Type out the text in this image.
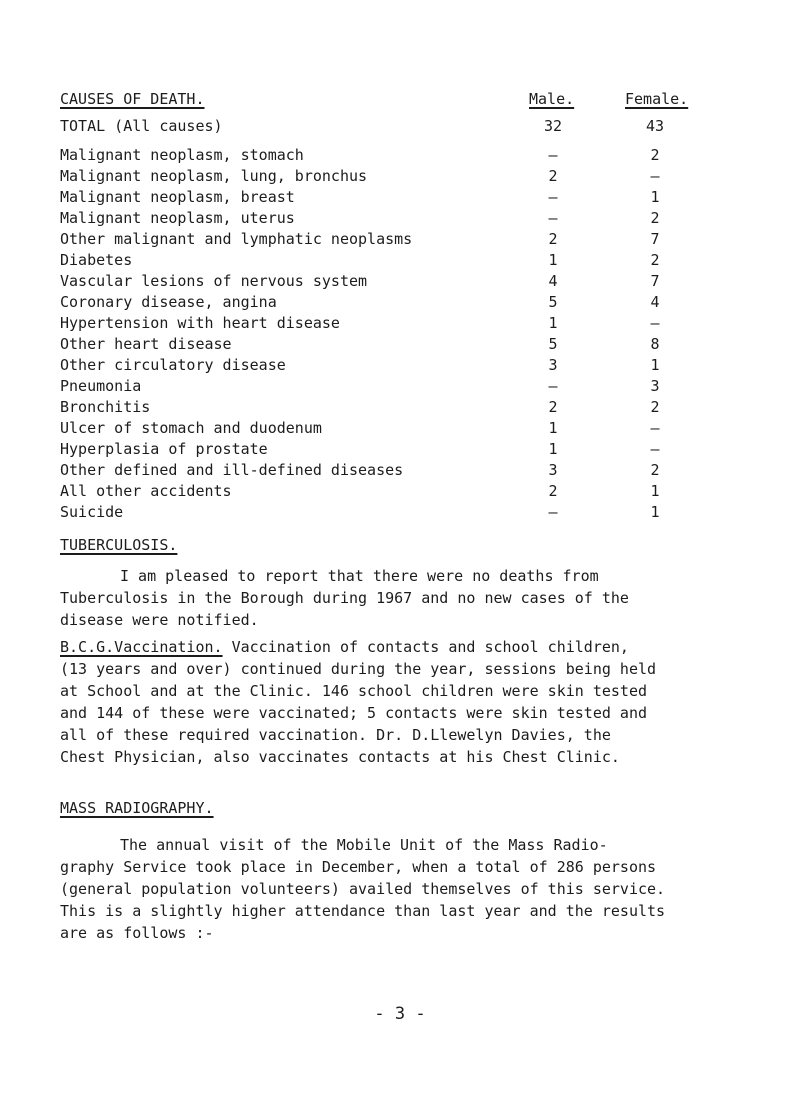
CAUSES OF DEATH.	Male.	Female.
TOTAL (All causes)	32	43
Malignant neoplasm, stomach	–	2
Malignant neoplasm, lung, bronchus	2	–
Malignant neoplasm, breast	–	1
Malignant neoplasm, uterus	–	2
Other malignant and lymphatic neoplasms	2	7
Diabetes	1	2
Vascular lesions of nervous system	4	7
Coronary disease, angina	5	4
Hypertension with heart disease	1	–
Other heart disease	5	8
Other circulatory disease	3	1
Pneumonia	–	3
Bronchitis	2	2
Ulcer of stomach and duodenum	1	–
Hyperplasia of prostate	1	–
Other defined and ill-defined diseases	3	2
All other accidents	2	1
Suicide	–	1
TUBERCULOSIS.
I am pleased to report that there were no deaths from
Tuberculosis in the Borough during 1967 and no new cases of the
disease were notified.
B.C.G.Vaccination. Vaccination of contacts and school children,
(13 years and over) continued during the year, sessions being held
at School and at the Clinic. 146 school children were skin tested
and 144 of these were vaccinated; 5 contacts were skin tested and
all of these required vaccination. Dr. D.Llewelyn Davies, the
Chest Physician, also vaccinates contacts at his Chest Clinic.
MASS RADIOGRAPHY.
The annual visit of the Mobile Unit of the Mass Radio-
graphy Service took place in December, when a total of 286 persons
(general population volunteers) availed themselves of this service.
This is a slightly higher attendance than last year and the results
are as follows :-
- 3 -
